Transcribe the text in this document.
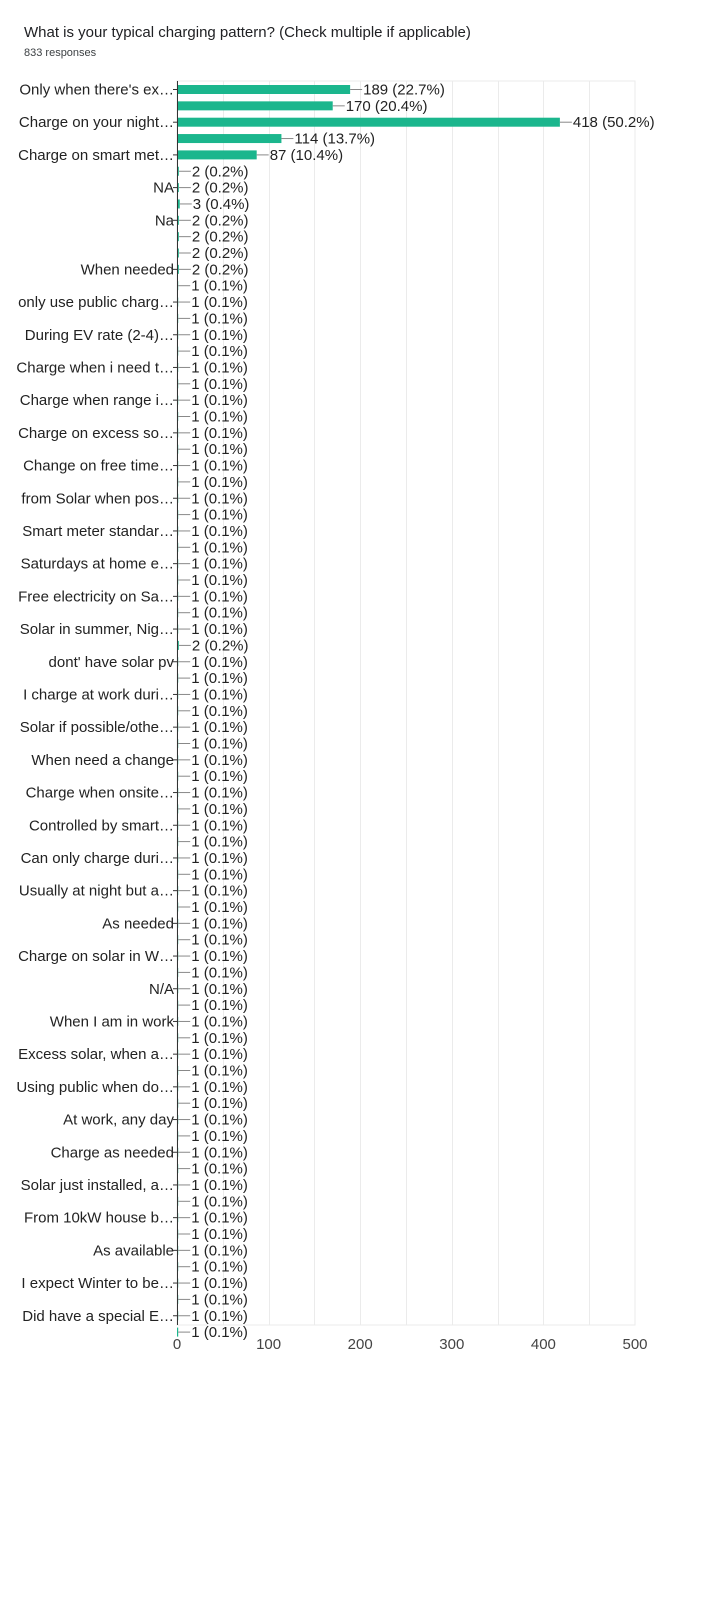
What is your typical charging pattern? (Check multiple if applicable)
833 responses
0	100	200	300	400	500
189 (22.7%)
Only when there's ex…
170 (20.4%)
418 (50.2%)
Charge on your night…
114 (13.7%)
87 (10.4%)
Charge on smart met…
2 (0.2%)
2 (0.2%)
NA
3 (0.4%)
2 (0.2%)
Na
2 (0.2%)
2 (0.2%)
2 (0.2%)
When needed
1 (0.1%)
1 (0.1%)
only use public charg…
1 (0.1%)
1 (0.1%)
During EV rate (2-4)…
1 (0.1%)
1 (0.1%)
Charge when i need t…
1 (0.1%)
1 (0.1%)
Charge when range i…
1 (0.1%)
1 (0.1%)
Charge on excess so…
1 (0.1%)
1 (0.1%)
Change on free time…
1 (0.1%)
1 (0.1%)
from Solar when pos…
1 (0.1%)
1 (0.1%)
Smart meter standar…
1 (0.1%)
1 (0.1%)
Saturdays at home e…
1 (0.1%)
1 (0.1%)
Free electricity on Sa…
1 (0.1%)
1 (0.1%)
Solar in summer, Nig…
2 (0.2%)
1 (0.1%)
dont' have solar pv
1 (0.1%)
1 (0.1%)
I charge at work duri…
1 (0.1%)
1 (0.1%)
Solar if possible/othe…
1 (0.1%)
1 (0.1%)
When need a change
1 (0.1%)
1 (0.1%)
Charge when onsite…
1 (0.1%)
1 (0.1%)
Controlled by smart…
1 (0.1%)
1 (0.1%)
Can only charge duri…
1 (0.1%)
1 (0.1%)
Usually at night but a…
1 (0.1%)
1 (0.1%)
As needed
1 (0.1%)
1 (0.1%)
Charge on solar in W…
1 (0.1%)
1 (0.1%)
N/A
1 (0.1%)
1 (0.1%)
When I am in work
1 (0.1%)
1 (0.1%)
Excess solar, when a…
1 (0.1%)
1 (0.1%)
Using public when do…
1 (0.1%)
1 (0.1%)
At work, any day
1 (0.1%)
1 (0.1%)
Charge as needed
1 (0.1%)
1 (0.1%)
Solar just installed, a…
1 (0.1%)
1 (0.1%)
From 10kW house b…
1 (0.1%)
1 (0.1%)
As available
1 (0.1%)
1 (0.1%)
I expect Winter to be…
1 (0.1%)
1 (0.1%)
Did have a special E…
1 (0.1%)
